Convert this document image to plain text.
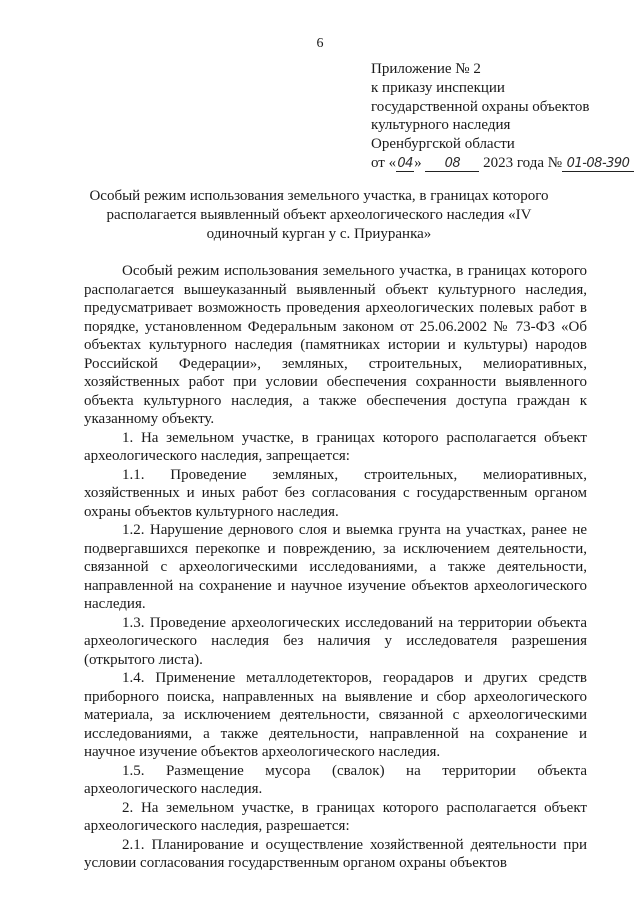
6
Приложение № 2
к приказу инспекции
государственной охраны объектов
культурного наследия
Оренбургской области
от «04» 08 2023 года № 01-08-390
Особый режим использования земельного участка, в границах которого располагается выявленный объект археологического наследия «IV одиночный курган у с. Приуранка»

Особый режим использования земельного участка, в границах которого располагается вышеуказанный выявленный объект культурного наследия, предусматривает возможность проведения археологических полевых работ в порядке, установленном Федеральным законом от 25.06.2002 № 73-ФЗ «Об объектах культурного наследия (памятниках истории и культуры) народов Российской Федерации», земляных, строительных, мелиоративных, хозяйственных работ при условии обеспечения сохранности выявленного объекта культурного наследия, а также обеспечения доступа граждан к указанному объекту.

1. На земельном участке, в границах которого располагается объект археологического наследия, запрещается:

1.1. Проведение земляных, строительных, мелиоративных, хозяйственных и иных работ без согласования с государственным органом охраны объектов культурного наследия.

1.2. Нарушение дернового слоя и выемка грунта на участках, ранее не подвергавшихся перекопке и повреждению, за исключением деятельности, связанной с археологическими исследованиями, а также деятельности, направленной на сохранение и научное изучение объектов археологического наследия.

1.3. Проведение археологических исследований на территории объекта археологического наследия без наличия у исследователя разрешения (открытого листа).

1.4. Применение металлодетекторов, георадаров и других средств приборного поиска, направленных на выявление и сбор археологического материала, за исключением деятельности, связанной с археологическими исследованиями, а также деятельности, направленной на сохранение и научное изучение объектов археологического наследия.

1.5. Размещение мусора (свалок) на территории объекта археологического наследия.

2. На земельном участке, в границах которого располагается объект археологического наследия, разрешается:

2.1. Планирование и осуществление хозяйственной деятельности при условии согласования государственным органом охраны объектов
